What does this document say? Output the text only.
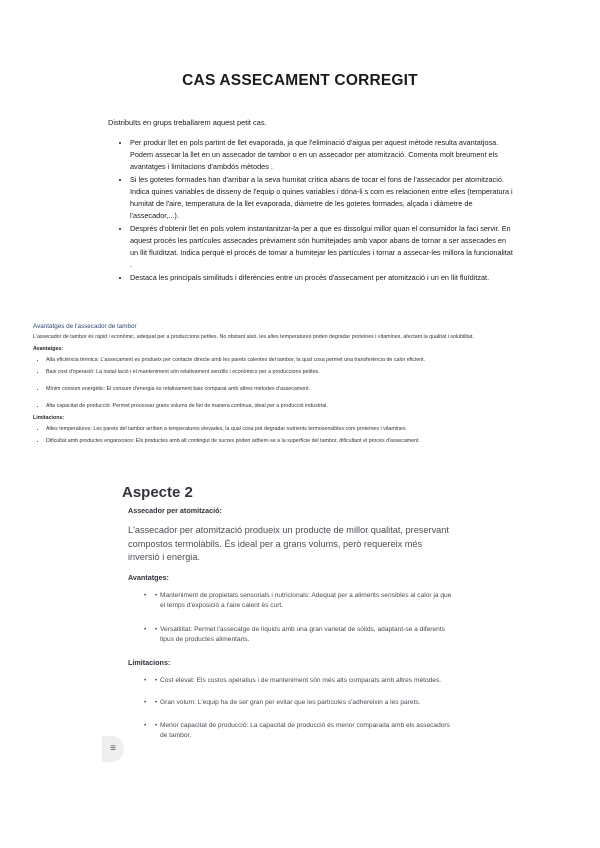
CAS ASSECAMENT CORREGIT

Distribuïts en grups treballarem aquest petit cas.

• Per produir llet en pols partint de llet evaporada, ja que l'eliminació d'aigua per aquest mètode resulta avantatjosa. Podem assecar la llet en un assecador de tambor o en un assecador per atomització. Comenta molt breument els avantatges i limitacions d'ambdós mètodes .
• Si les gotetes formades han d'arribar a la seva humitat crítica abans de tocar el fons de l'assecador per atomització. Indica quines variables de disseny de l'equip o quines variables i dóna-li s com es relacionen entre elles (temperatura i humitat de l'aire, temperatura de la llet evaporada, diàmetre de les gotetes formades, alçada i diàmetre de l'assecador,...).
• Després d'obtenir llet en pols volem instantanitzar-la per a que es dissolgui millor quan el consumidor la faci servir. En aquest procés les partícules assecades prèviament són humitejades amb vapor abans de tornar a ser assecades en un llit fluïditzat. Indica perquè el procés de tornar a humitejar les partícules i tornar a assecar-les millora la funcionalitat .
• Destaca les principals similituds i diferències entre un procés d'assecament per atomització i un en llit fluïditzat.
Avantatges de l'assecador de tambor

L'assecador de tambor és ràpid i econòmic, adequat per a produccions petites. No obstant això, les altes temperatures poden degradar proteïnes i vitamines, afectant la qualitat i solubilitat.

Avantatges:

• Alta eficiència tèrmica: L'assecament es produeix per contacte directe amb les parets calentes del tambor, la qual cosa permet una transferència de calor eficient.
• Baix cost d'operació: La instal·lació i el manteniment són relativament senzills i econòmics per a produccions petites.
• Mínim consum energètic: El consum d'energia és relativament baix comparat amb altres mètodes d'assecament.
• Alta capacitat de producció: Permet processar grans volums de llet de manera contínua, ideal per a producció industrial.

Limitacions:

• Altes temperatures: Les parets del tambor arriben a temperatures elevades, la qual cosa pot degradar nutrients termosensibles com proteïnes i vitamines.
• Dificultat amb productes enganxosos: Els productes amb alt contingut de sucres poden adherir-se a la superfície del tambor, dificultant el procés d'assecament.
Aspecte 2

Assecador per atomització:

L'assecador per atomització produeix un producte de millor qualitat, preservant compostos termolàbils. És ideal per a grans volums, però requereix més inversió i energia.

Avantatges:

• • Manteniment de propietats sensorials i nutricionals: Adequat per a aliments sensibles al calor ja que el temps d'exposició a l'aire calent és curt.
• • Versatilitat: Permet l'assecatge de líquids amb una gran varietat de sòlids, adaptant-se a diferents tipus de productes alimentaris.

Limitacions:

• • Cost elevat: Els costos operatius i de manteniment són més alts comparats amb altres mètodes.
• • Gran volum: L'equip ha de ser gran per evitar que les partícules s'adhereixin a les parets.
• • Menor capacitat de producció: La capacitat de producció és menor comparada amb els assecadors de tambor.
≡
